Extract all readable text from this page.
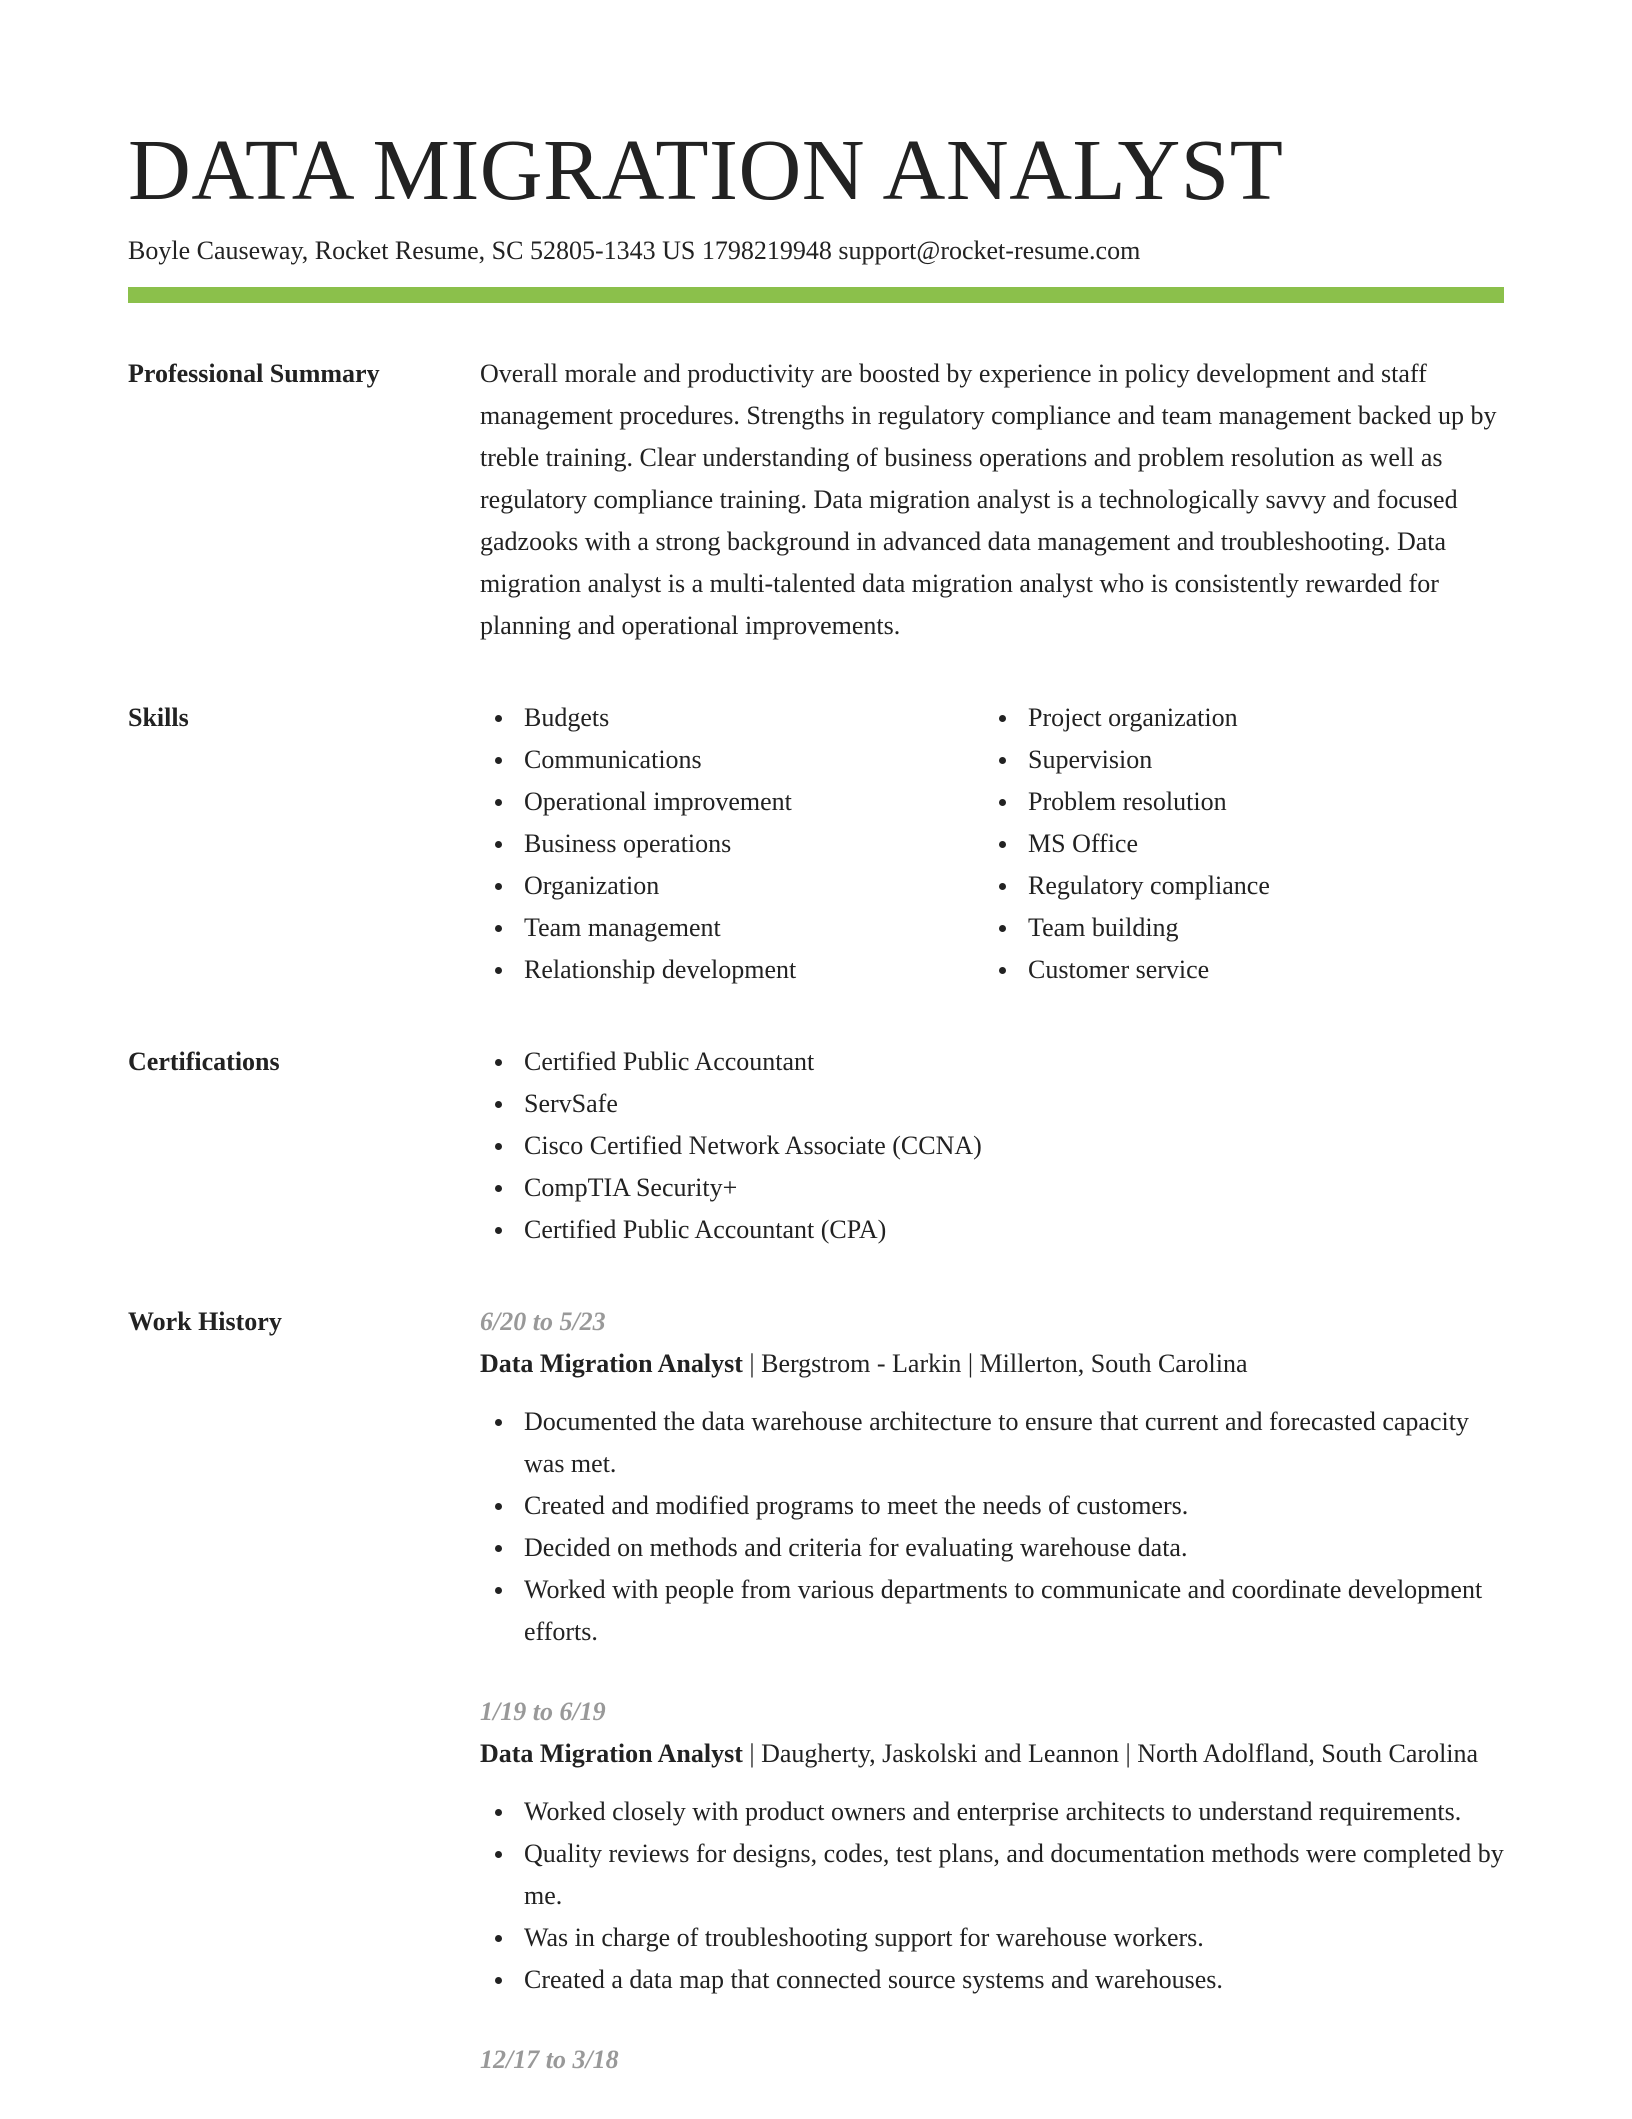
DATA MIGRATION ANALYST
Boyle Causeway, Rocket Resume, SC 52805-1343 US 1798219948 support@rocket-resume.com
Professional Summary	Overall morale and productivity are boosted by experience in policy development and staff management procedures. Strengths in regulatory compliance and team management backed up by treble training. Clear understanding of business operations and problem resolution as well as regulatory compliance training. Data migration analyst is a technologically savvy and focused gadzooks with a strong background in advanced data management and troubleshooting. Data migration analyst is a multi-talented data migration analyst who is consistently rewarded for planning and operational improvements.

Skills	Budgets
Communications
Operational improvement
Business operations
Organization
Team management
Relationship development
Project organization
Supervision
Problem resolution
MS Office
Regulatory compliance
Team building
Customer service
Certifications	Certified Public Accountant
ServSafe
Cisco Certified Network Associate (CCNA)
CompTIA Security+
Certified Public Accountant (CPA)
Work History	6/20 to 5/23
Data Migration Analyst | Bergstrom - Larkin | Millerton, South Carolina
Documented the data warehouse architecture to ensure that current and forecasted capacity was met.
Created and modified programs to meet the needs of customers.
Decided on methods and criteria for evaluating warehouse data.
Worked with people from various departments to communicate and coordinate development efforts.
1/19 to 6/19
Data Migration Analyst | Daugherty, Jaskolski and Leannon | North Adolfland, South Carolina
Worked closely with product owners and enterprise architects to understand requirements.
Quality reviews for designs, codes, test plans, and documentation methods were completed by me.
Was in charge of troubleshooting support for warehouse workers.
Created a data map that connected source systems and warehouses.
12/17 to 3/18
